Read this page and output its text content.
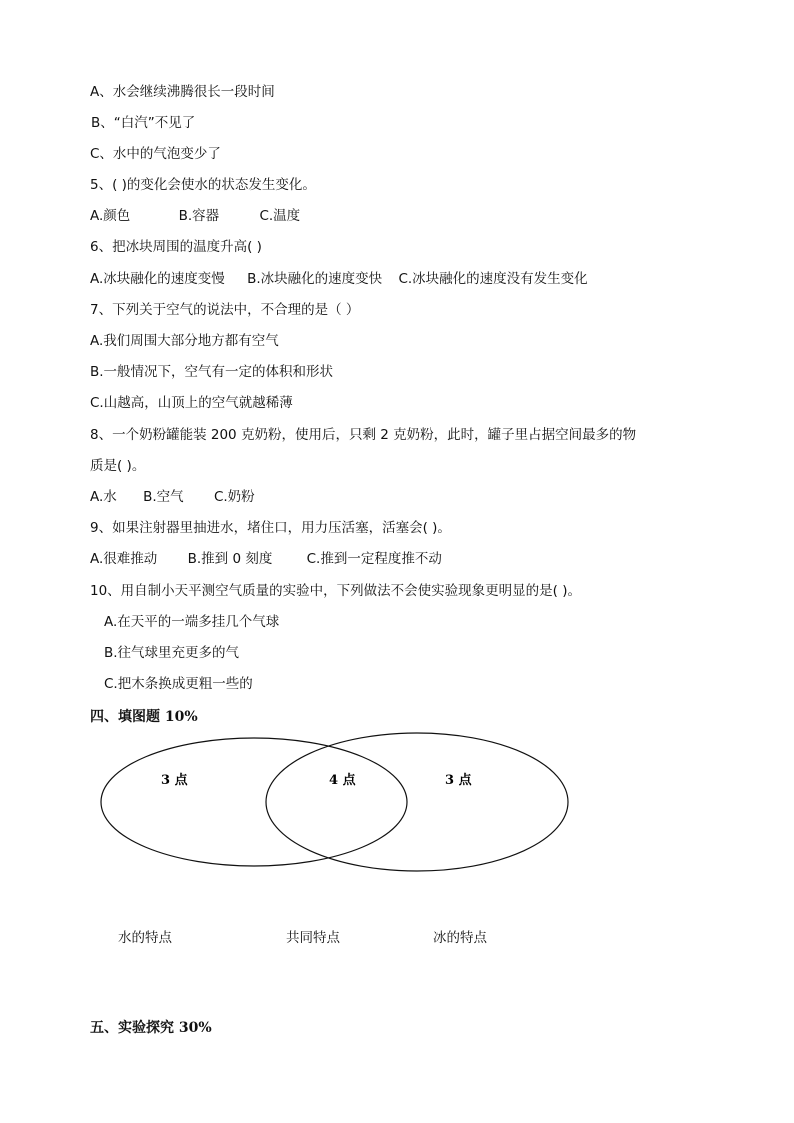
A、水会继续沸腾很长一段时间
B、“白汽”不见了
C、水中的气泡变少了
5、( )的变化会使水的状态发生变化。
A.颜色	B.容器	C.温度
6、把冰块周围的温度升高( )
A.冰块融化的速度变慢 B.冰块融化的速度变快 C.冰块融化的速度没有发生变化
7、下列关于空气的说法中，不合理的是（ ）
A.我们周围大部分地方都有空气
B.一般情况下，空气有一定的体积和形状
C.山越高，山顶上的空气就越稀薄
8、一个奶粉罐能装 200 克奶粉，使用后，只剩 2 克奶粉，此时，罐子里占据空间最多的物
质是( )。
A.水 B.空气 C.奶粉
9、如果注射器里抽进水，堵住口，用力压活塞，活塞会( )。
A.很难推动 B.推到 0 刻度	C.推到一定程度推不动
10、用自制小天平测空气质量的实验中，下列做法不会使实验现象更明显的是( )。
A.在天平的一端多挂几个气球
B.往气球里充更多的气
C.把木条换成更粗一些的
四、填图题 10%
3 点	4 点	3 点
水的特点	共同特点	冰的特点
五、实验探究 30%
